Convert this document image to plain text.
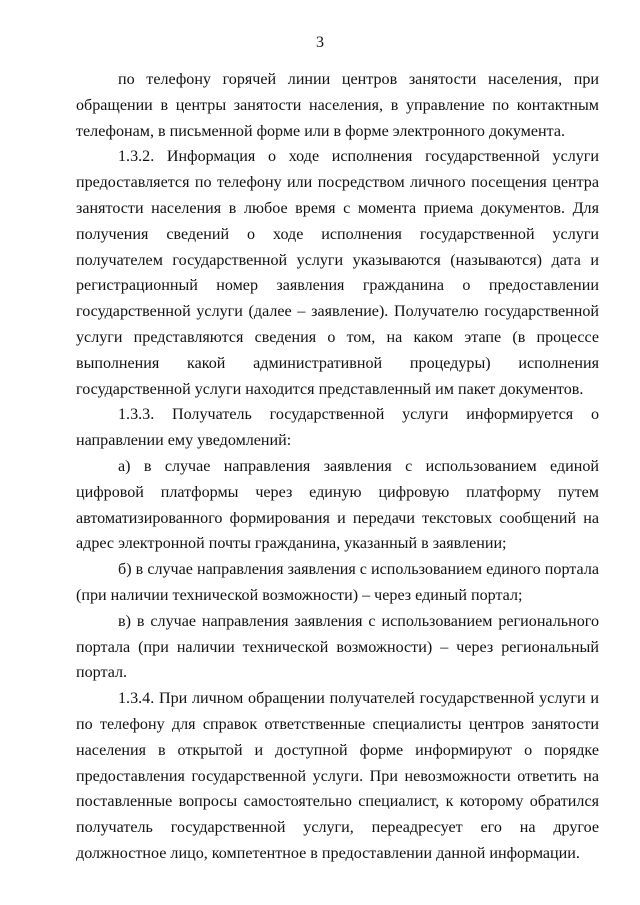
3

по телефону горячей линии центров занятости населения, при обращении в центры занятости населения, в управление по контактным телефонам, в письменной форме или в форме электронного документа.

1.3.2. Информация о ходе исполнения государственной услуги предоставляется по телефону или посредством личного посещения центра занятости населения в любое время с момента приема документов. Для получения сведений о ходе исполнения государственной услуги получателем государственной услуги указываются (называются) дата и регистрационный номер заявления гражданина о предоставлении государственной услуги (далее – заявление). Получателю государственной услуги представляются сведения о том, на каком этапе (в процессе выполнения какой административной процедуры) исполнения государственной услуги находится представленный им пакет документов.

1.3.3. Получатель государственной услуги информируется о направлении ему уведомлений:

а) в случае направления заявления с использованием единой цифровой платформы через единую цифровую платформу путем автоматизированного формирования и передачи текстовых сообщений на адрес электронной почты гражданина, указанный в заявлении;

б) в случае направления заявления с использованием единого портала (при наличии технической возможности) – через единый портал;

в) в случае направления заявления с использованием регионального портала (при наличии технической возможности) – через региональный портал.

1.3.4. При личном обращении получателей государственной услуги и по телефону для справок ответственные специалисты центров занятости населения в открытой и доступной форме информируют о порядке предоставления государственной услуги. При невозможности ответить на поставленные вопросы самостоятельно специалист, к которому обратился получатель государственной услуги, переадресует его на другое должностное лицо, компетентное в предоставлении данной информации.
